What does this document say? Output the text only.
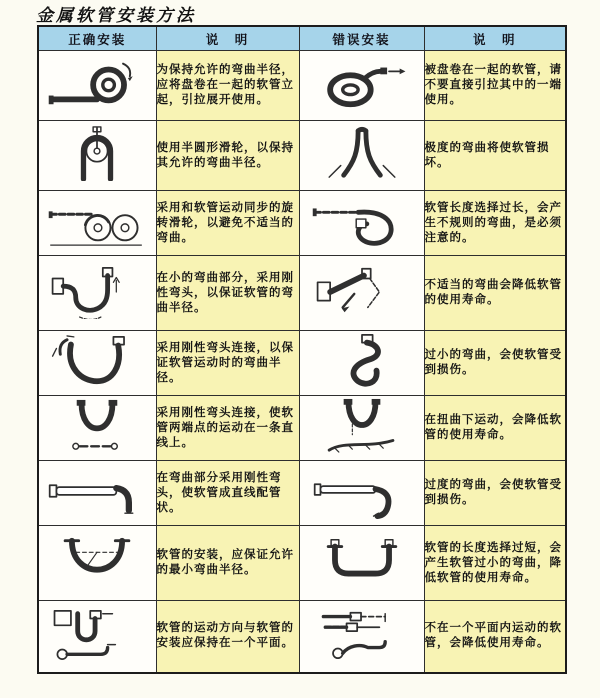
金属软管安装方法
正确安装	说　明	错误安装	说　明
	为保持允许的弯曲半径，应将盘卷在一起的软管立起，引拉展开使用。		被盘卷在一起的软管，请不要直接引拉其中的一端使用。
	使用半圆形滑轮，以保持其允许的弯曲半径。		极度的弯曲将使软管损坏。
	采用和软管运动同步的旋转滑轮，以避免不适当的弯曲。		软管长度选择过长，会产生不规则的弯曲，是必须注意的。
	在小的弯曲部分，采用刚性弯头，以保证软管的弯曲半径。		不适当的弯曲会降低软管的使用寿命。
	采用刚性弯头连接，以保证软管运动时的弯曲半径。		过小的弯曲，会使软管受到损伤。
	采用刚性弯头连接，使软管两端点的运动在一条直线上。		在扭曲下运动，会降低软管的使用寿命。
	在弯曲部分采用刚性弯头，使软管成直线配管状。		过度的弯曲，会使软管受到损伤。
	软管的安装，应保证允许的最小弯曲半径。		软管的长度选择过短，会产生软管过小的弯曲，降低软管的使用寿命。
	软管的运动方向与软管的安装应保持在一个平面。		不在一个平面内运动的软管，会降低使用寿命。
